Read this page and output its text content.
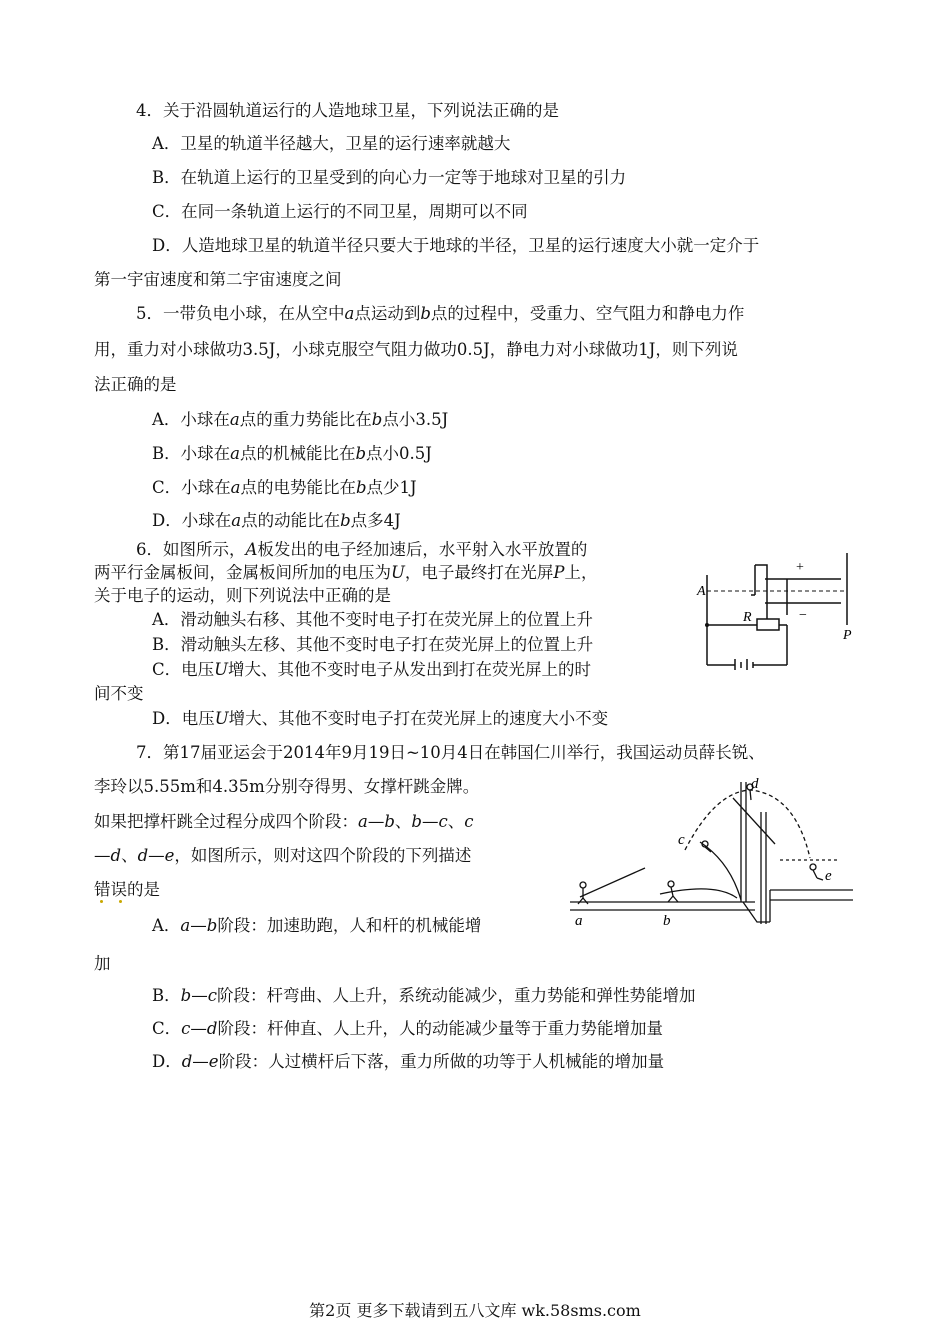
4．关于沿圆轨道运行的人造地球卫星，下列说法正确的是
A．卫星的轨道半径越大，卫星的运行速率就越大
B．在轨道上运行的卫星受到的向心力一定等于地球对卫星的引力
C．在同一条轨道上运行的不同卫星，周期可以不同
D．人造地球卫星的轨道半径只要大于地球的半径，卫星的运行速度大小就一定介于
第一宇宙速度和第二宇宙速度之间
5．一带负电小球，在从空中a点运动到b点的过程中，受重力、空气阻力和静电力作
用，重力对小球做功3.5J，小球克服空气阻力做功0.5J，静电力对小球做功1J，则下列说
法正确的是
A．小球在a点的重力势能比在b点小3.5J
B．小球在a点的机械能比在b点小0.5J
C．小球在a点的电势能比在b点少1J
D．小球在a点的动能比在b点多4J
6．如图所示，A板发出的电子经加速后，水平射入水平放置的
两平行金属板间，金属板间所加的电压为U，电子最终打在光屏P上，
关于电子的运动，则下列说法中正确的是
A．滑动触头右移、其他不变时电子打在荧光屏上的位置上升
B．滑动触头左移、其他不变时电子打在荧光屏上的位置上升
C．电压U增大、其他不变时电子从发出到打在荧光屏上的时
间不变
D．电压U增大、其他不变时电子打在荧光屏上的速度大小不变
+
−
A
R
P
7．第17届亚运会于2014年9月19日~10月4日在韩国仁川举行，我国运动员薛长锐、
李玲以5.55m和4.35m分别夺得男、女撑杆跳金牌。
如果把撑杆跳全过程分成四个阶段：a—b、b—c、c
—d、d—e，如图所示，则对这四个阶段的下列描述
错误的是
A．a—b阶段：加速助跑，人和杆的机械能增
加
B．b—c阶段：杆弯曲、人上升，系统动能减少，重力势能和弹性势能增加
C．c—d阶段：杆伸直、人上升，人的动能减少量等于重力势能增加量
D．d—e阶段：人过横杆后下落，重力所做的功等于人机械能的增加量
a	b
c
d
e
第2页 更多下载请到五八文库 wk.58sms.com
